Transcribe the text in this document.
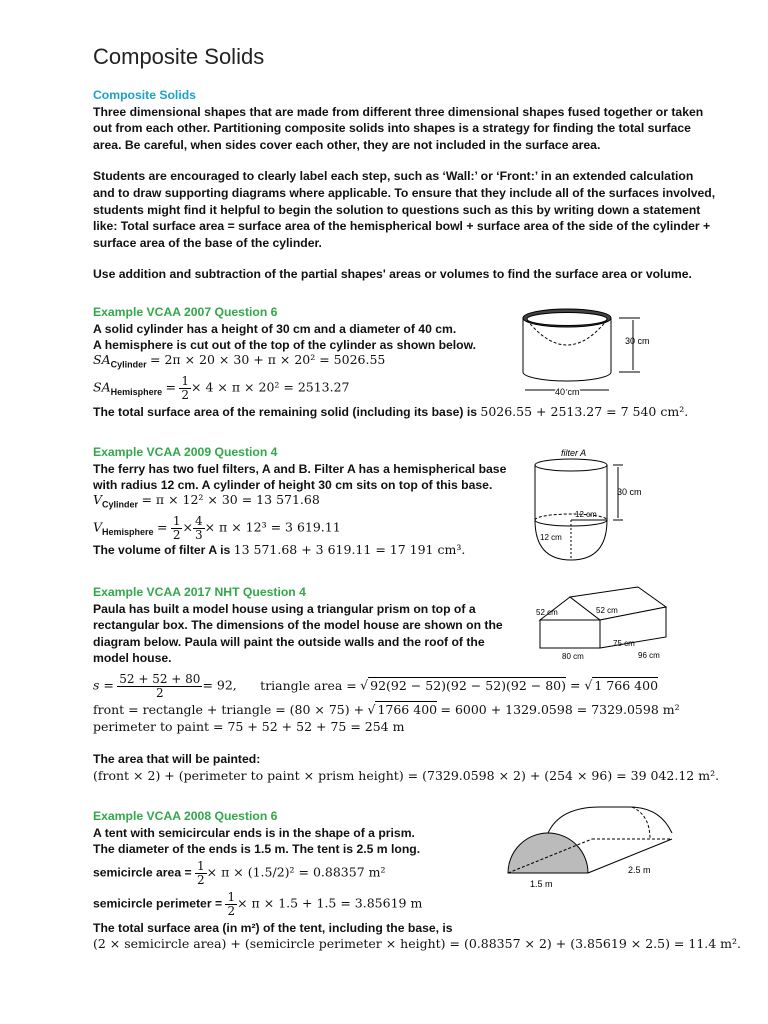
Composite Solids
Composite Solids
Three dimensional shapes that are made from different three dimensional shapes fused together or taken
out from each other. Partitioning composite solids into shapes is a strategy for finding the total surface
area. Be careful, when sides cover each other, they are not included in the surface area.
Students are encouraged to clearly label each step, such as ‘Wall:’ or ‘Front:’ in an extended calculation
and to draw supporting diagrams where applicable. To ensure that they include all of the surfaces involved,
students might find it helpful to begin the solution to questions such as this by writing down a statement
like: Total surface area = surface area of the hemispherical bowl + surface area of the side of the cylinder +
surface area of the base of the cylinder.
Use addition and subtraction of the partial shapes' areas or volumes to find the surface area or volume.
Example VCAA 2007 Question 6
A solid cylinder has a height of 30 cm and a diameter of 40 cm.
A hemisphere is cut out of the top of the cylinder as shown below.
$SA_{Cylinder} = 2\pi \times 20 \times 30 + \pi \times 20^2 = 5026.55$
$SA_{Hemisphere} = \frac{1}{2} \times 4 \times \pi \times 20^2 = 2513.27$
The total surface area of the remaining solid (including its base) is 5026.55 + 2513.27 = 7 540 cm².
30 cm
40 cm
Example VCAA 2009 Question 4
The ferry has two fuel filters, A and B. Filter A has a hemispherical base
with radius 12 cm. A cylinder of height 30 cm sits on top of this base.
$V_{Cylinder} = \pi \times 12^2 \times 30 = 13$ 571.68
$V_{Hemisphere} = \frac{1}{2} \times \frac{4}{3} \times \pi \times 12^3 = 3$ 619.11
The volume of filter A is 13 571.68 + 3 619.11 = 17 191 cm³.
filter A
12 cm
12 cm
30 cm
Example VCAA 2017 NHT Question 4
Paula has built a model house using a triangular prism on top of a
rectangular box. The dimensions of the model house are shown on the
diagram below. Paula will paint the outside walls and the roof of the
model house.
$s = \frac{52 + 52 + 80}{2} = 92$, triangle area = √ 92(92 − 52)(92 − 52)(92 − 80) = √ 1 766 400
front = rectangle + triangle = (80 × 75) + √ 1766 400 = 6000 + 1329.0598 = 7329.0598 m²
perimeter to paint = 75 + 52 + 52 + 75 = 254 m
The area that will be painted:
(front × 2) + (perimeter to paint × prism height) = (7329.0598 × 2) + (254 × 96) = 39 042.12 m².
52 cm	52 cm
75 cm
80 cm	96 cm
Example VCAA 2008 Question 6
A tent with semicircular ends is in the shape of a prism.
The diameter of the ends is 1.5 m. The tent is 2.5 m long.
semicircle area = $\frac{1}{2} \times \pi \times (1.5/2)^2 = 0.88357$ m²
semicircle perimeter = $\frac{1}{2} \times \pi \times 1.5 + 1.5 = 3.85619$ m
The total surface area (in m²) of the tent, including the base, is
(2 × semicircle area) + (semicircle perimeter × height) = (0.88357 × 2) + (3.85619 × 2.5) = 11.4 m².
2.5 m
1.5 m
